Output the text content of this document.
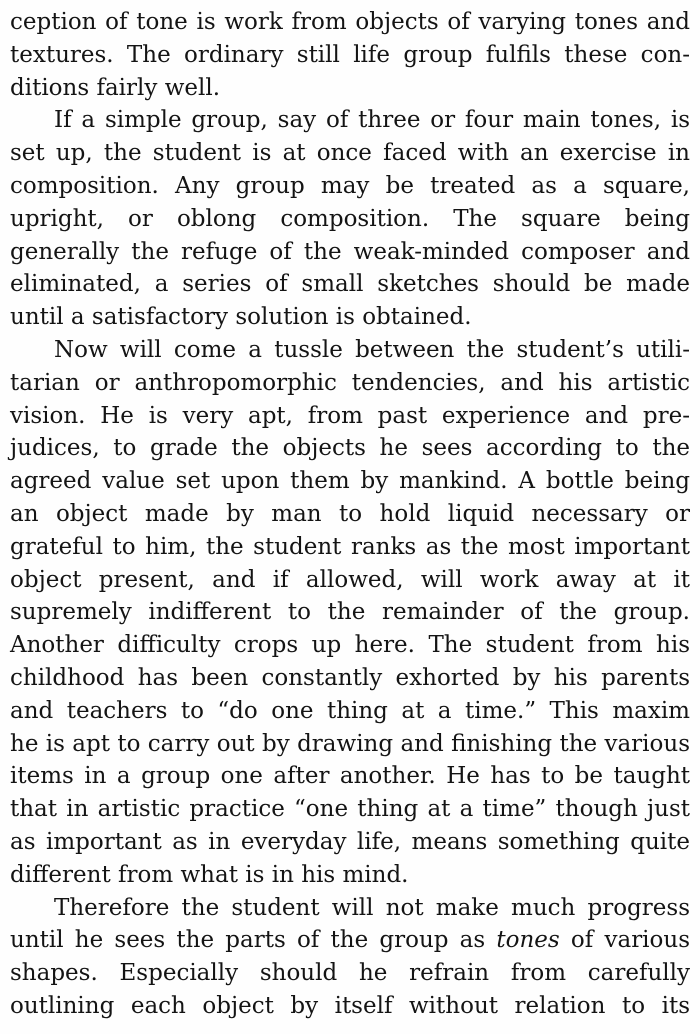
ception of tone is work from objects of varying tones and
textures. The ordinary still life group fulfils these con-
ditions fairly well.
If a simple group, say of three or four main tones, is
set up, the student is at once faced with an exercise in
composition. Any group may be treated as a square,
upright, or oblong composition. The square being
generally the refuge of the weak-minded composer and
eliminated, a series of small sketches should be made
until a satisfactory solution is obtained.
Now will come a tussle between the student’s utili-
tarian or anthropomorphic tendencies, and his artistic
vision. He is very apt, from past experience and pre-
judices, to grade the objects he sees according to the
agreed value set upon them by mankind. A bottle being
an object made by man to hold liquid necessary or
grateful to him, the student ranks as the most important
object present, and if allowed, will work away at it
supremely indifferent to the remainder of the group.
Another difficulty crops up here. The student from his
childhood has been constantly exhorted by his parents
and teachers to “do one thing at a time.” This maxim
he is apt to carry out by drawing and finishing the various
items in a group one after another. He has to be taught
that in artistic practice “one thing at a time” though just
as important as in everyday life, means something quite
different from what is in his mind.
Therefore the student will not make much progress
until he sees the parts of the group as tones of various
shapes. Especially should he refrain from carefully
outlining each object by itself without relation to its
